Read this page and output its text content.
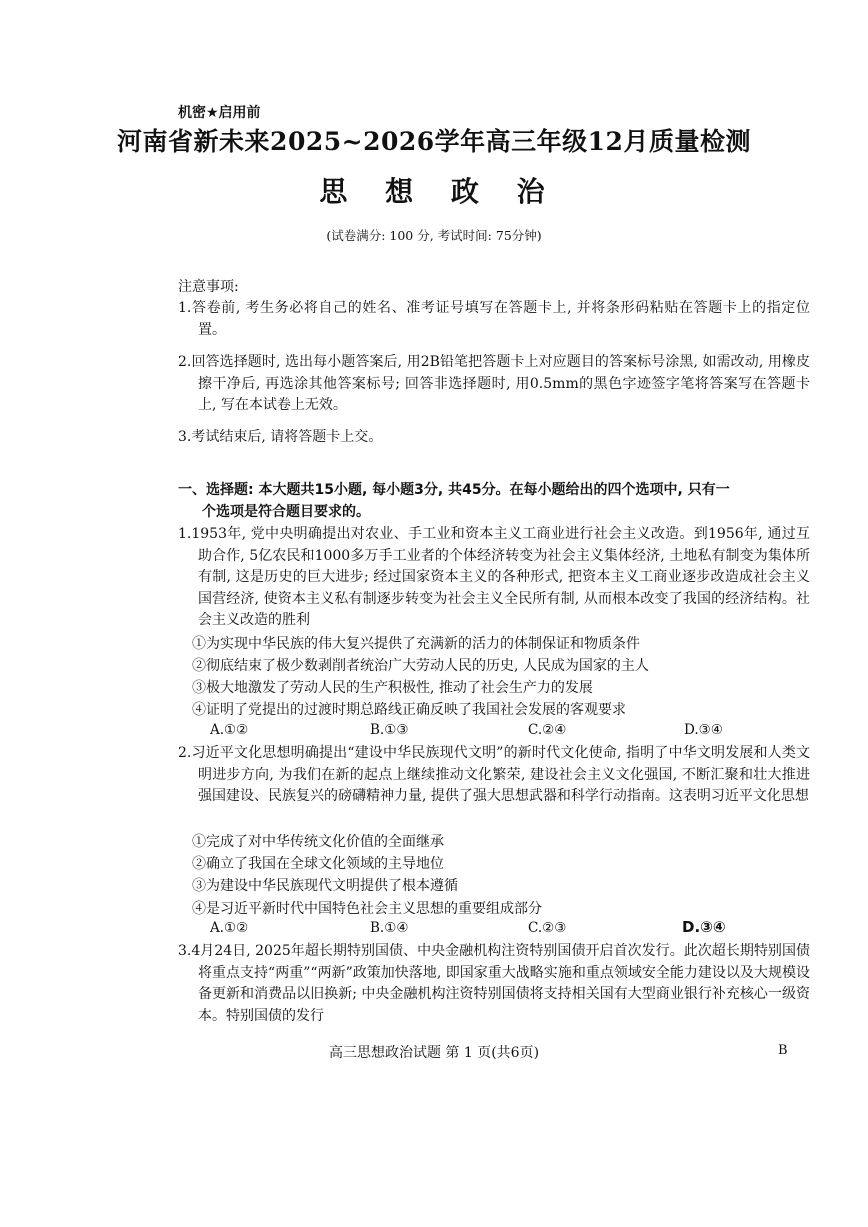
机密★启用前
河南省新未来2025~2026学年高三年级12月质量检测
思 想 政 治
(试卷满分: 100 分, 考试时间: 75分钟)
注意事项:
1.答卷前, 考生务必将自己的姓名、准考证号填写在答题卡上, 并将条形码粘贴在答题卡上的指定位置。
2.回答选择题时, 选出每小题答案后, 用2B铅笔把答题卡上对应题目的答案标号涂黑, 如需改动, 用橡皮擦干净后, 再选涂其他答案标号; 回答非选择题时, 用0.5mm的黑色字迹签字笔将答案写在答题卡上, 写在本试卷上无效。
3.考试结束后, 请将答题卡上交。
一、选择题: 本大题共15小题, 每小题3分, 共45分。在每小题给出的四个选项中, 只有一
个选项是符合题目要求的。
1.1953年, 党中央明确提出对农业、手工业和资本主义工商业进行社会主义改造。到1956年, 通过互助合作, 5亿农民和1000多万手工业者的个体经济转变为社会主义集体经济, 土地私有制变为集体所有制, 这是历史的巨大进步; 经过国家资本主义的各种形式, 把资本主义工商业逐步改造成社会主义国营经济, 使资本主义私有制逐步转变为社会主义全民所有制, 从而根本改变了我国的经济结构。社会主义改造的胜利
①为实现中华民族的伟大复兴提供了充满新的活力的体制保证和物质条件
②彻底结束了极少数剥削者统治广大劳动人民的历史, 人民成为国家的主人
③极大地激发了劳动人民的生产积极性, 推动了社会生产力的发展
④证明了党提出的过渡时期总路线正确反映了我国社会发展的客观要求
A.①②	B.①③	C.②④	D.③④
2.习近平文化思想明确提出“建设中华民族现代文明”的新时代文化使命, 指明了中华文明发展和人类文明进步方向, 为我们在新的起点上继续推动文化繁荣, 建设社会主义文化强国, 不断汇聚和壮大推进强国建设、民族复兴的磅礴精神力量, 提供了强大思想武器和科学行动指南。这表明习近平文化思想
①完成了对中华传统文化价值的全面继承
②确立了我国在全球文化领域的主导地位
③为建设中华民族现代文明提供了根本遵循
④是习近平新时代中国特色社会主义思想的重要组成部分
A.①②	B.①④	C.②③	D.③④
3.4月24日, 2025年超长期特别国债、中央金融机构注资特别国债开启首次发行。此次超长期特别国债将重点支持“两重”“两新”政策加快落地, 即国家重大战略实施和重点领域安全能力建设以及大规模设备更新和消费品以旧换新; 中央金融机构注资特别国债将支持相关国有大型商业银行补充核心一级资本。特别国债的发行
高三思想政治试题 第 1 页(共6页)	B
